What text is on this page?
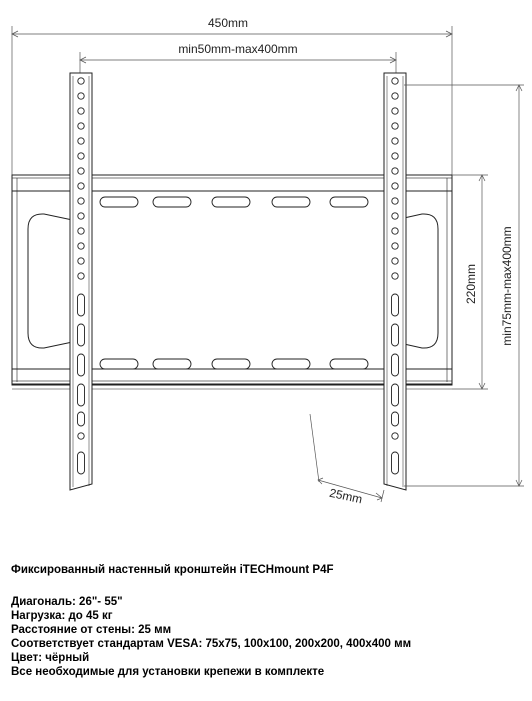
450mm
min50mm-max400mm
220mm min75mm-max400mm
25mm

Фиксированный настенный кронштейн iTECHmount P4F

Диагональ: 26"- 55"

Нагрузка: до 45 кг

Расстояние от стены: 25 мм

Соответствует стандартам VESA: 75x75, 100x100, 200x200, 400x400 мм

Цвет: чёрный

Все необходимые для установки крепежи в комплекте
